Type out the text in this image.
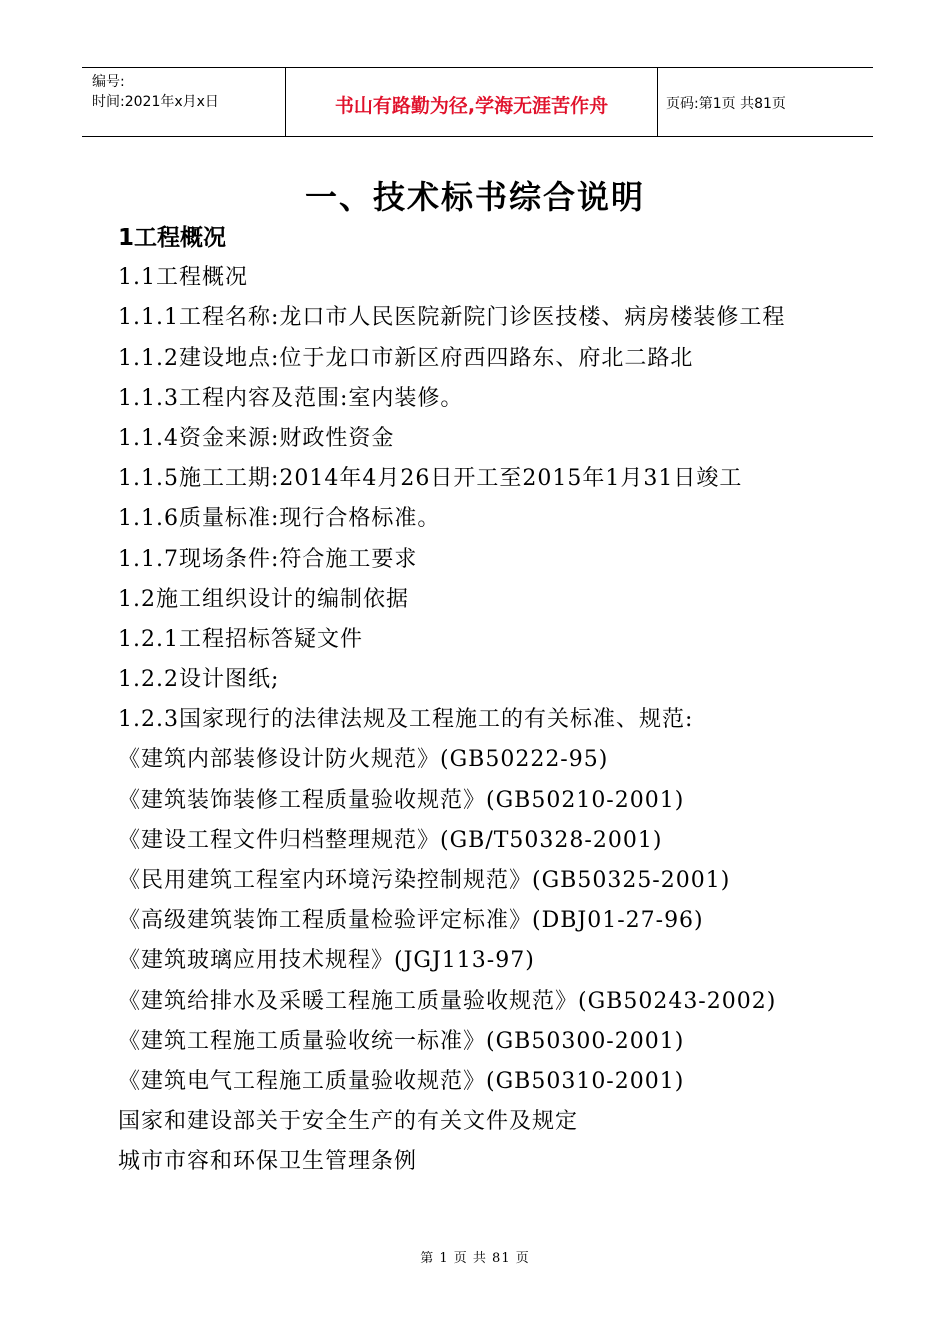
编号:
时间:2021年x月x日	书山有路勤为径,学海无涯苦作舟	页码:第1页 共81页
一、技术标书综合说明
1工程概况
1.1工程概况
1.1.1工程名称:龙口市人民医院新院门诊医技楼、病房楼装修工程
1.1.2建设地点:位于龙口市新区府西四路东、府北二路北
1.1.3工程内容及范围:室内装修。
1.1.4资金来源:财政性资金
1.1.5施工工期:2014年4月26日开工至2015年1月31日竣工
1.1.6质量标准:现行合格标准。
1.1.7现场条件:符合施工要求
1.2施工组织设计的编制依据
1.2.1工程招标答疑文件
1.2.2设计图纸;
1.2.3国家现行的法律法规及工程施工的有关标准、规范:
《建筑内部装修设计防火规范》(GB50222-95)
《建筑装饰装修工程质量验收规范》(GB50210-2001)
《建设工程文件归档整理规范》(GB/T50328-2001)
《民用建筑工程室内环境污染控制规范》(GB50325-2001)
《高级建筑装饰工程质量检验评定标准》(DBJ01-27-96)
《建筑玻璃应用技术规程》(JGJ113-97)
《建筑给排水及采暖工程施工质量验收规范》(GB50243-2002)
《建筑工程施工质量验收统一标准》(GB50300-2001)
《建筑电气工程施工质量验收规范》(GB50310-2001)
国家和建设部关于安全生产的有关文件及规定
城市市容和环保卫生管理条例
第 1 页 共 81 页
